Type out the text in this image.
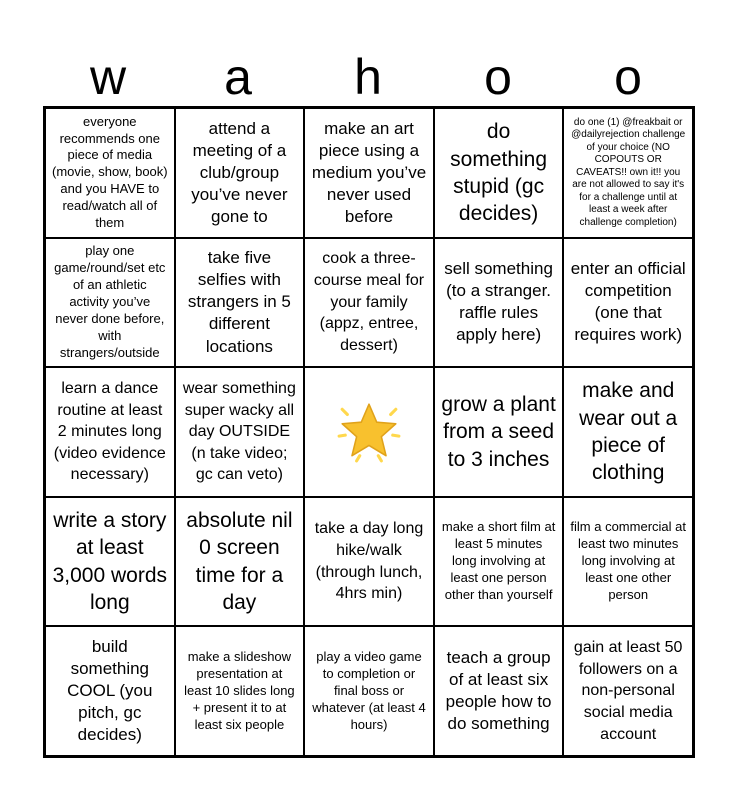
w	a	h	o	o
everyone recommends one piece of media (movie, show, book) and you HAVE to read/watch all of them
attend a meeting of a club/group you’ve never gone to
make an art piece using a medium you’ve never used before
do something stupid (gc decides)
do one (1) @freakbait or @dailyrejection challenge of your choice (NO COPOUTS OR CAVEATS!! own it!! you are not allowed to say it's for a challenge until at least a week after challenge completion)
play one game/round/set etc of an athletic activity you’ve never done before, with strangers/outside
take five selfies with strangers in 5 different locations
cook a three-course meal for your family (appz, entree, dessert)
sell something (to a stranger. raffle rules apply here)
enter an official competition (one that requires work)
learn a dance routine at least 2 minutes long (video evidence necessary)
wear something super wacky all day OUTSIDE (n take video; gc can veto)
grow a plant from a seed to 3 inches
make and wear out a piece of clothing
write a story at least 3,000 words long
absolute nil 0 screen time for a day
take a day long hike/walk (through lunch, 4hrs min)
make a short film at least 5 minutes long involving at least one person other than yourself
film a commercial at least two minutes long involving at least one other person
build something COOL (you pitch, gc decides)
make a slideshow presentation at least 10 slides long + present it to at least six people
play a video game to completion or final boss or whatever (at least 4 hours)
teach a group of at least six people how to do something
gain at least 50 followers on a non-personal social media account
